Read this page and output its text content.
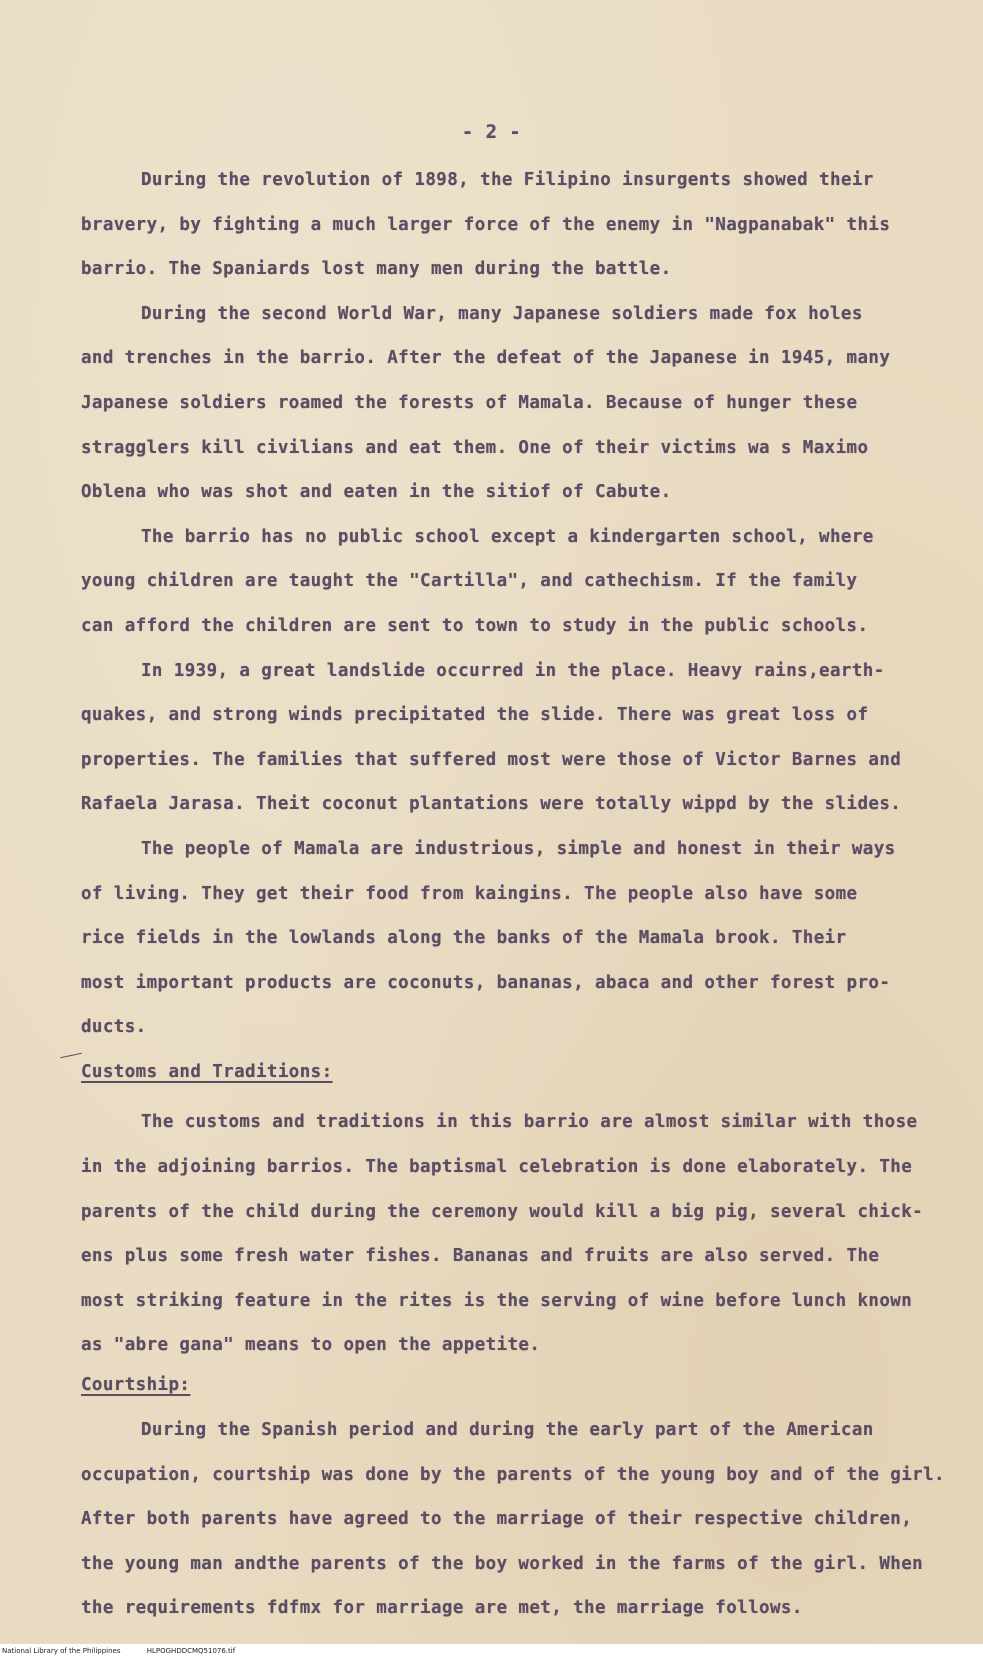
- 2 -
During the revolution of 1898, the Filipino insurgents showed their
bravery, by fighting a much larger force of the enemy in "Nagpanabak" this
barrio. The Spaniards lost many men during the battle.
During the second World War, many Japanese soldiers made fox holes
and trenches in the barrio. After the defeat of the Japanese in 1945, many
Japanese soldiers roamed the forests of Mamala. Because of hunger these
stragglers kill civilians and eat them. One of their victims wa s Maximo
Oblena who was shot and eaten in the sitiof of Cabute.
The barrio has no public school except a kindergarten school, where
young children are taught the "Cartilla", and cathechism. If the family
can afford the children are sent to town to study in the public schools.
In 1939, a great landslide occurred in the place. Heavy rains,earth-
quakes, and strong winds precipitated the slide. There was great loss of
properties. The families that suffered most were those of Victor Barnes and
Rafaela Jarasa. Theit coconut plantations were totally wippd by the slides.
The people of Mamala are industrious, simple and honest in their ways
of living. They get their food from kaingins. The people also have some
rice fields in the lowlands along the banks of the Mamala brook. Their
most important products are coconuts, bananas, abaca and other forest pro-
ducts.
Customs and Traditions:
The customs and traditions in this barrio are almost similar with those
in the adjoining barrios. The baptismal celebration is done elaborately. The
parents of the child during the ceremony would kill a big pig, several chick-
ens plus some fresh water fishes. Bananas and fruits are also served. The
most striking feature in the rites is the serving of wine before lunch known
as "abre gana" means to open the appetite.
Courtship:
During the Spanish period and during the early part of the American
occupation, courtship was done by the parents of the young boy and of the girl.
After both parents have agreed to the marriage of their respective children,
the young man andthe parents of the boy worked in the farms of the girl. When
the requirements fdfmx for marriage are met, the marriage follows.
National Library of the Philippines	HLPOGHDDCMQ51076.tif
